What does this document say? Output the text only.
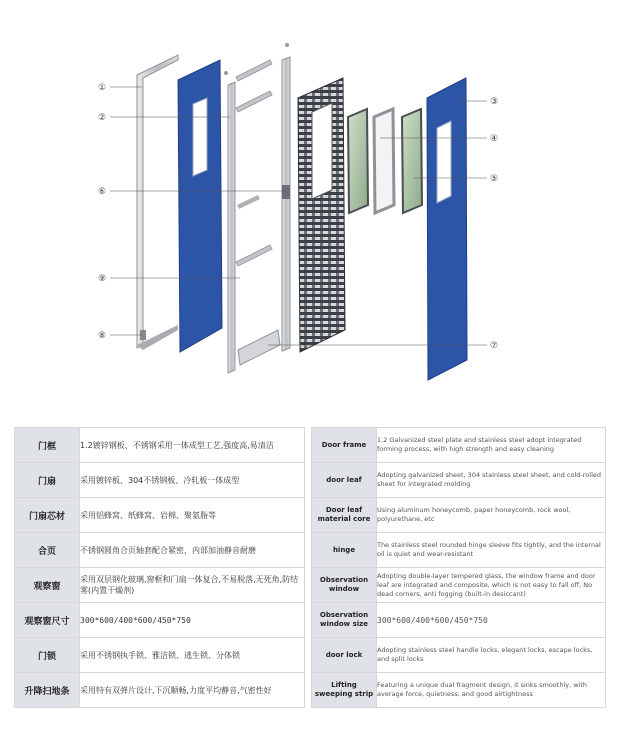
①
②
⑥
⑨
⑧
③
④
⑤
⑦
门框	1.2镀锌钢板、不锈钢采用一体成型工艺,强度高,易清洁		Door frame	1.2 Galvanized steel plate and stainless steel adopt integrated forming process, with high strength and easy cleaning
门扇	采用镀锌板、304不锈钢板、冷轧板一体成型		door leaf	Adopting galvanized sheet, 304 stainless steel sheet, and cold-rolled sheet for integrated molding
门扇芯材	采用铝蜂窝、纸蜂窝、岩棉、聚氨脂等		Door leaf material core	Using aluminum honeycomb, paper honeycomb, rock wool, polyurethane, etc
合页	不锈钢圆角合页轴套配合紧密，内部加油静音耐磨		hinge	The stainless steel rounded hinge sleeve fits tightly, and the internal oil is quiet and wear-resistant
观察窗	采用双层钢化玻璃,窗框和门扇一体复合,不易脱落,无死角,防结雾(内置干燥剂)		Observation window	Adopting double-layer tempered glass, the window frame and door leaf are integrated and composite, which is not easy to fall off, No dead corners, anti fogging (built-in desiccant)
观察窗尺寸	300*600/400*600/450*750		Observation window size	300*600/400*600/450*750
门锁	采用不锈钢执手锁、雅洁锁、逃生锁、分体锁		door lock	Adopting stainless steel handle locks, elegant locks, escape locks, and split locks
升降扫地条	采用特有双弹片设计,下沉顺畅,力度平均静音,气密性好		Lifting sweeping strip	Featuring a unique dual fragment design, it sinks smoothly, with average force, quietness, and good airtightness
